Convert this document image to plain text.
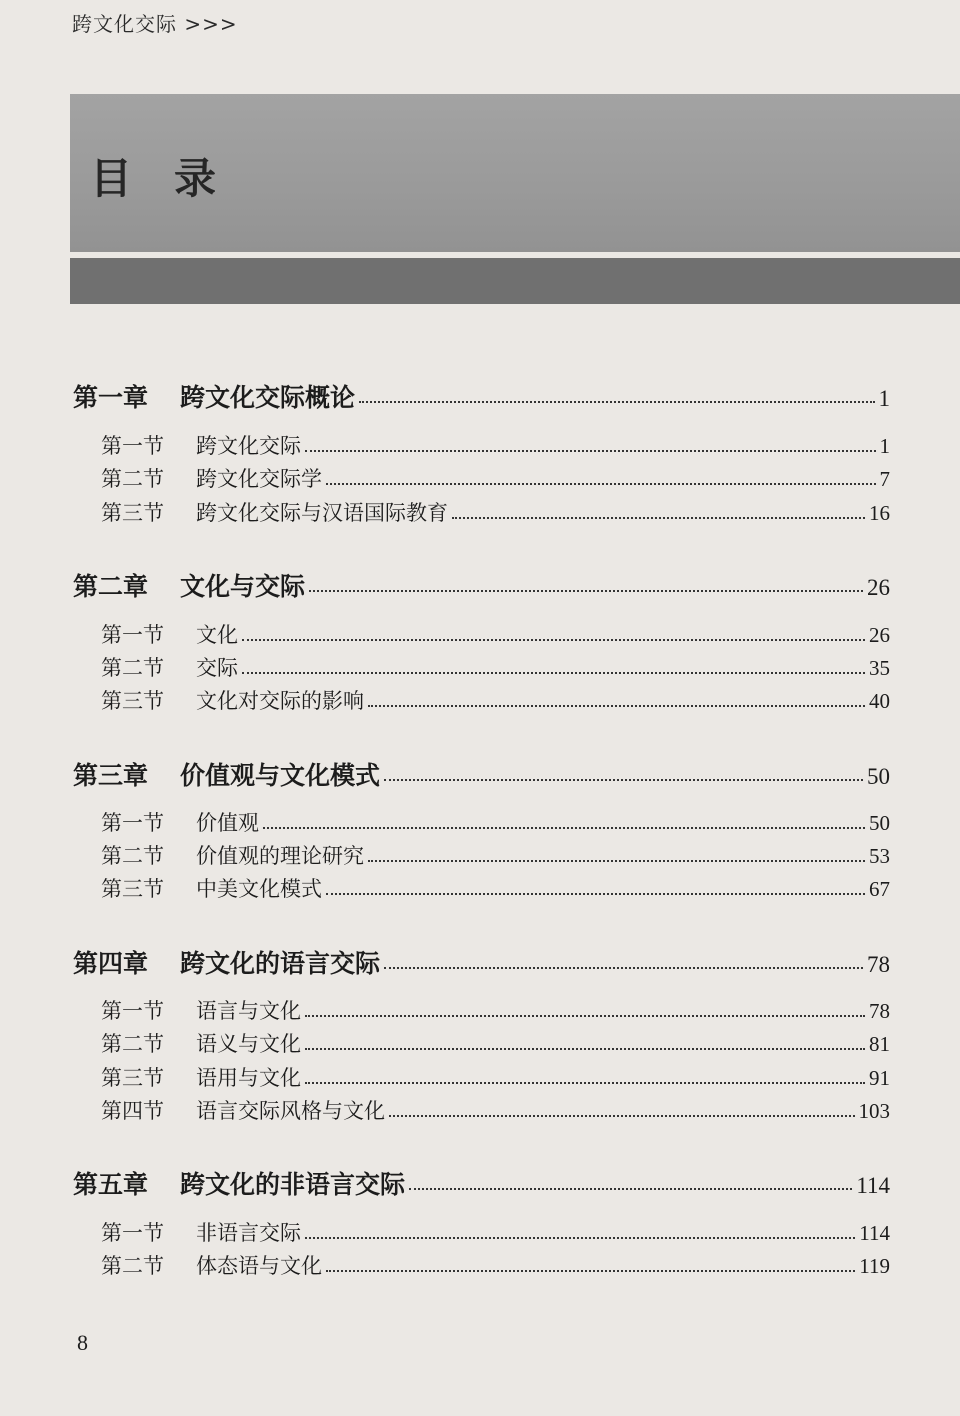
跨文化交际 >>>
目录
第一章	跨文化交际概论	1
第一节	跨文化交际	1
第二节	跨文化交际学	7
第三节	跨文化交际与汉语国际教育	16
第二章	文化与交际	26
第一节	文化	26
第二节	交际	35
第三节	文化对交际的影响	40
第三章	价值观与文化模式	50
第一节	价值观	50
第二节	价值观的理论研究	53
第三节	中美文化模式	67
第四章	跨文化的语言交际	78
第一节	语言与文化	78
第二节	语义与文化	81
第三节	语用与文化	91
第四节	语言交际风格与文化	103
第五章	跨文化的非语言交际	114
第一节	非语言交际	114
第二节	体态语与文化	119
8
